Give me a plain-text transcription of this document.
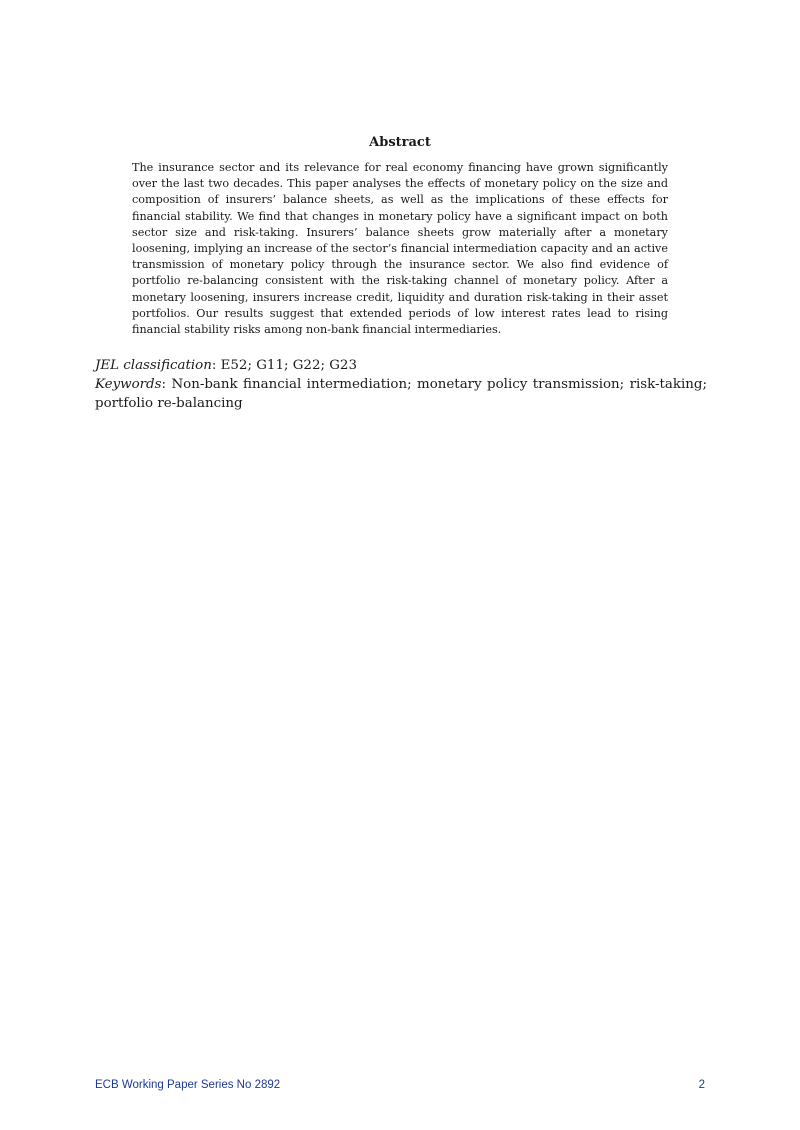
Abstract

The insurance sector and its relevance for real economy financing have grown significantly over the last two decades. This paper analyses the effects of monetary policy on the size and composition of insurers’ balance sheets, as well as the implications of these effects for financial stability. We find that changes in monetary policy have a significant impact on both sector size and risk-taking. Insurers’ balance sheets grow materially after a monetary loosening, implying an increase of the sector’s financial intermediation capacity and an active transmission of monetary policy through the insurance sector. We also find evidence of portfolio re-balancing consistent with the risk-taking channel of monetary policy. After a monetary loosening, insurers increase credit, liquidity and duration risk-taking in their asset portfolios. Our results suggest that extended periods of low interest rates lead to rising financial stability risks among non-bank financial intermediaries.

JEL classification: E52; G11; G22; G23

Keywords: Non-bank financial intermediation; monetary policy transmission; risk-taking; portfolio re-balancing

ECB Working Paper Series No 2892	2
